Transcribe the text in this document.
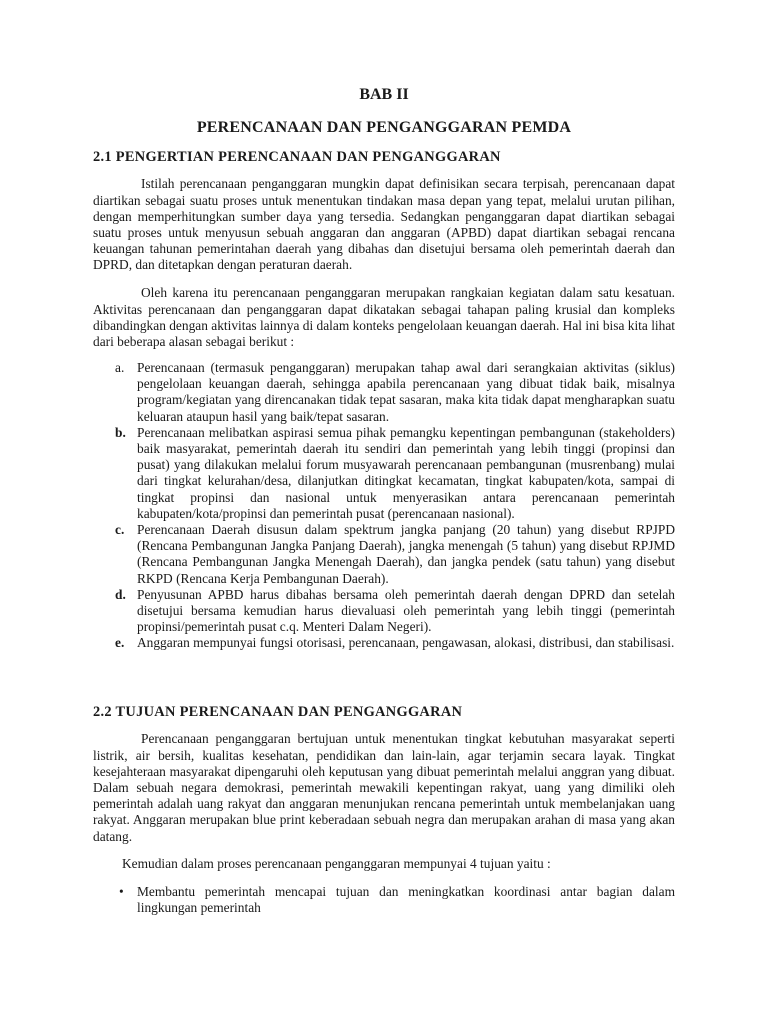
BAB II
PERENCANAAN DAN PENGANGGARAN PEMDA
2.1 PENGERTIAN PERENCANAAN DAN PENGANGGARAN

Istilah perencanaan penganggaran mungkin dapat definisikan secara terpisah, perencanaan dapat diartikan sebagai suatu proses untuk menentukan tindakan masa depan yang tepat, melalui urutan pilihan, dengan memperhitungkan sumber daya yang tersedia. Sedangkan penganggaran dapat diartikan sebagai suatu proses untuk menyusun sebuah anggaran dan anggaran (APBD) dapat diartikan sebagai rencana keuangan tahunan pemerintahan daerah yang dibahas dan disetujui bersama oleh pemerintah daerah dan DPRD, dan ditetapkan dengan peraturan daerah.

Oleh karena itu perencanaan penganggaran merupakan rangkaian kegiatan dalam satu kesatuan. Aktivitas perencanaan dan penganggaran dapat dikatakan sebagai tahapan paling krusial dan kompleks dibandingkan dengan aktivitas lainnya di dalam konteks pengelolaan keuangan daerah. Hal ini bisa kita lihat dari beberapa alasan sebagai berikut :

a. Perencanaan (termasuk penganggaran) merupakan tahap awal dari serangkaian aktivitas (siklus) pengelolaan keuangan daerah, sehingga apabila perencanaan yang dibuat tidak baik, misalnya program/kegiatan yang direncanakan tidak tepat sasaran, maka kita tidak dapat mengharapkan suatu keluaran ataupun hasil yang baik/tepat sasaran.
b. Perencanaan melibatkan aspirasi semua pihak pemangku kepentingan pembangunan (stakeholders) baik masyarakat, pemerintah daerah itu sendiri dan pemerintah yang lebih tinggi (propinsi dan pusat) yang dilakukan melalui forum musyawarah perencanaan pembangunan (musrenbang) mulai dari tingkat kelurahan/desa, dilanjutkan ditingkat kecamatan, tingkat kabupaten/kota, sampai di tingkat propinsi dan nasional untuk menyerasikan antara perencanaan pemerintah kabupaten/kota/propinsi dan pemerintah pusat (perencanaan nasional).
c. Perencanaan Daerah disusun dalam spektrum jangka panjang (20 tahun) yang disebut RPJPD (Rencana Pembangunan Jangka Panjang Daerah), jangka menengah (5 tahun) yang disebut RPJMD (Rencana Pembangunan Jangka Menengah Daerah), dan jangka pendek (satu tahun) yang disebut RKPD (Rencana Kerja Pembangunan Daerah).
d. Penyusunan APBD harus dibahas bersama oleh pemerintah daerah dengan DPRD dan setelah disetujui bersama kemudian harus dievaluasi oleh pemerintah yang lebih tinggi (pemerintah propinsi/pemerintah pusat c.q. Menteri Dalam Negeri).
e. Anggaran mempunyai fungsi otorisasi, perencanaan, pengawasan, alokasi, distribusi, dan stabilisasi.
2.2 TUJUAN PERENCANAAN DAN PENGANGGARAN

Perencanaan penganggaran bertujuan untuk menentukan tingkat kebutuhan masyarakat seperti listrik, air bersih, kualitas kesehatan, pendidikan dan lain-lain, agar terjamin secara layak. Tingkat kesejahteraan masyarakat dipengaruhi oleh keputusan yang dibuat pemerintah melalui anggran yang dibuat. Dalam sebuah negara demokrasi, pemerintah mewakili kepentingan rakyat, uang yang dimiliki oleh pemerintah adalah uang rakyat dan anggaran menunjukan rencana pemerintah untuk membelanjakan uang rakyat. Anggaran merupakan blue print keberadaan sebuah negra dan merupakan arahan di masa yang akan datang.

Kemudian dalam proses perencanaan penganggaran mempunyai 4 tujuan yaitu :

• Membantu pemerintah mencapai tujuan dan meningkatkan koordinasi antar bagian dalam lingkungan pemerintah
